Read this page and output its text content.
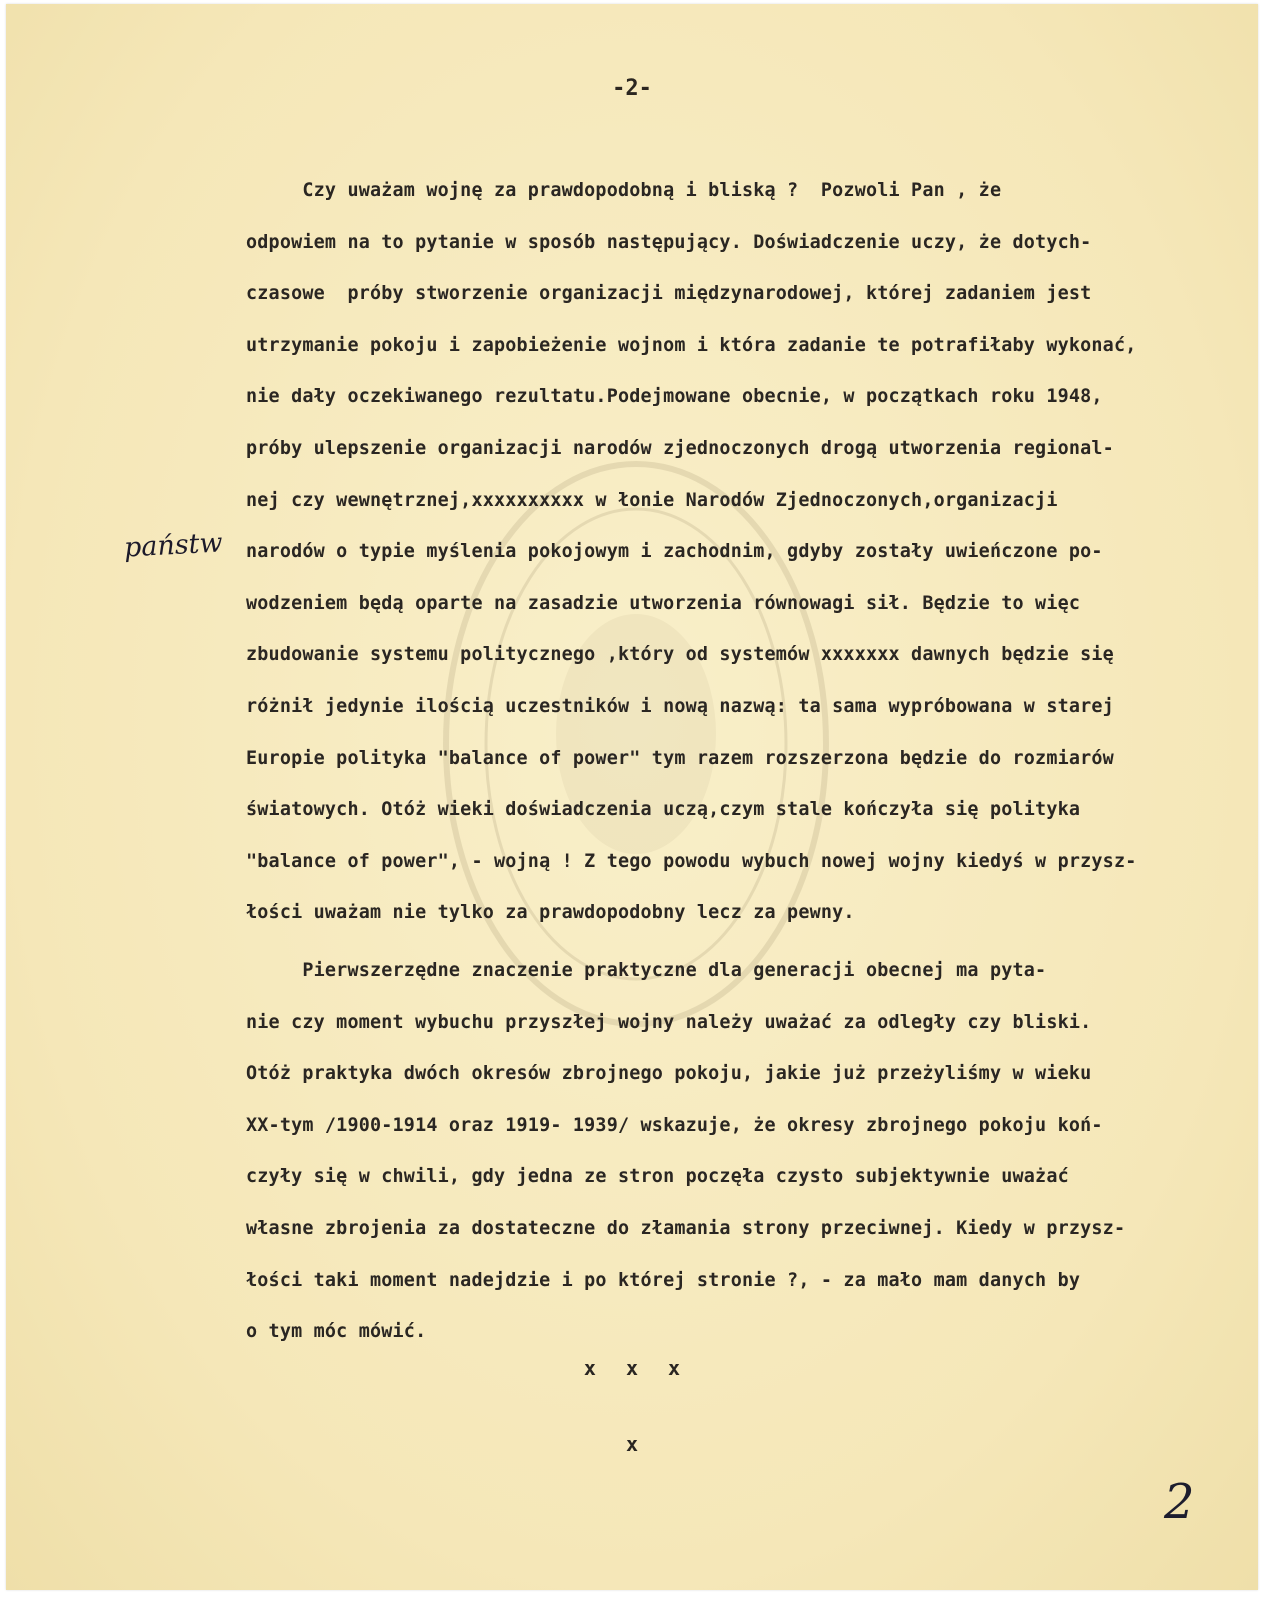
-2-
państw
Czy uważam wojnę za prawdopodobną i bliską ?  Pozwoli Pan , że
odpowiem na to pytanie w sposób następujący. Doświadczenie uczy, że dotych-
czasowe  próby stworzenie organizacji międzynarodowej, której zadaniem jest
utrzymanie pokoju i zapobieżenie wojnom i która zadanie te potrafiłaby wykonać,
nie dały oczekiwanego rezultatu.Podejmowane obecnie, w początkach roku 1948,
próby ulepszenie organizacji narodów zjednoczonych drogą utworzenia regional-
nej czy wewnętrznej,xxxxxxxxxx w łonie Narodów Zjednoczonych,organizacji
narodów o typie myślenia pokojowym i zachodnim, gdyby zostały uwieńczone po-
wodzeniem będą oparte na zasadzie utworzenia równowagi sił. Będzie to więc
zbudowanie systemu politycznego ,który od systemów xxxxxxx dawnych będzie się
różnił jedynie ilością uczestników i nową nazwą: ta sama wypróbowana w starej
Europie polityka "balance of power" tym razem rozszerzona będzie do rozmiarów
światowych. Otóż wieki doświadczenia uczą,czym stale kończyła się polityka
"balance of power", - wojną ! Z tego powodu wybuch nowej wojny kiedyś w przysz-
łości uważam nie tylko za prawdopodobny lecz za pewny.
Pierwszerzędne znaczenie praktyczne dla generacji obecnej ma pyta-
nie czy moment wybuchu przyszłej wojny należy uważać za odległy czy bliski.
Otóż praktyka dwóch okresów zbrojnego pokoju, jakie już przeżyliśmy w wieku
XX-tym /1900-1914 oraz 1919- 1939/ wskazuje, że okresy zbrojnego pokoju koń-
czyły się w chwili, gdy jedna ze stron poczęła czysto subjektywnie uważać
własne zbrojenia za dostateczne do złamania strony przeciwnej. Kiedy w przysz-
łości taki moment nadejdzie i po której stronie ?, - za mało mam danych by
o tym móc mówić.
x x x
x
2
